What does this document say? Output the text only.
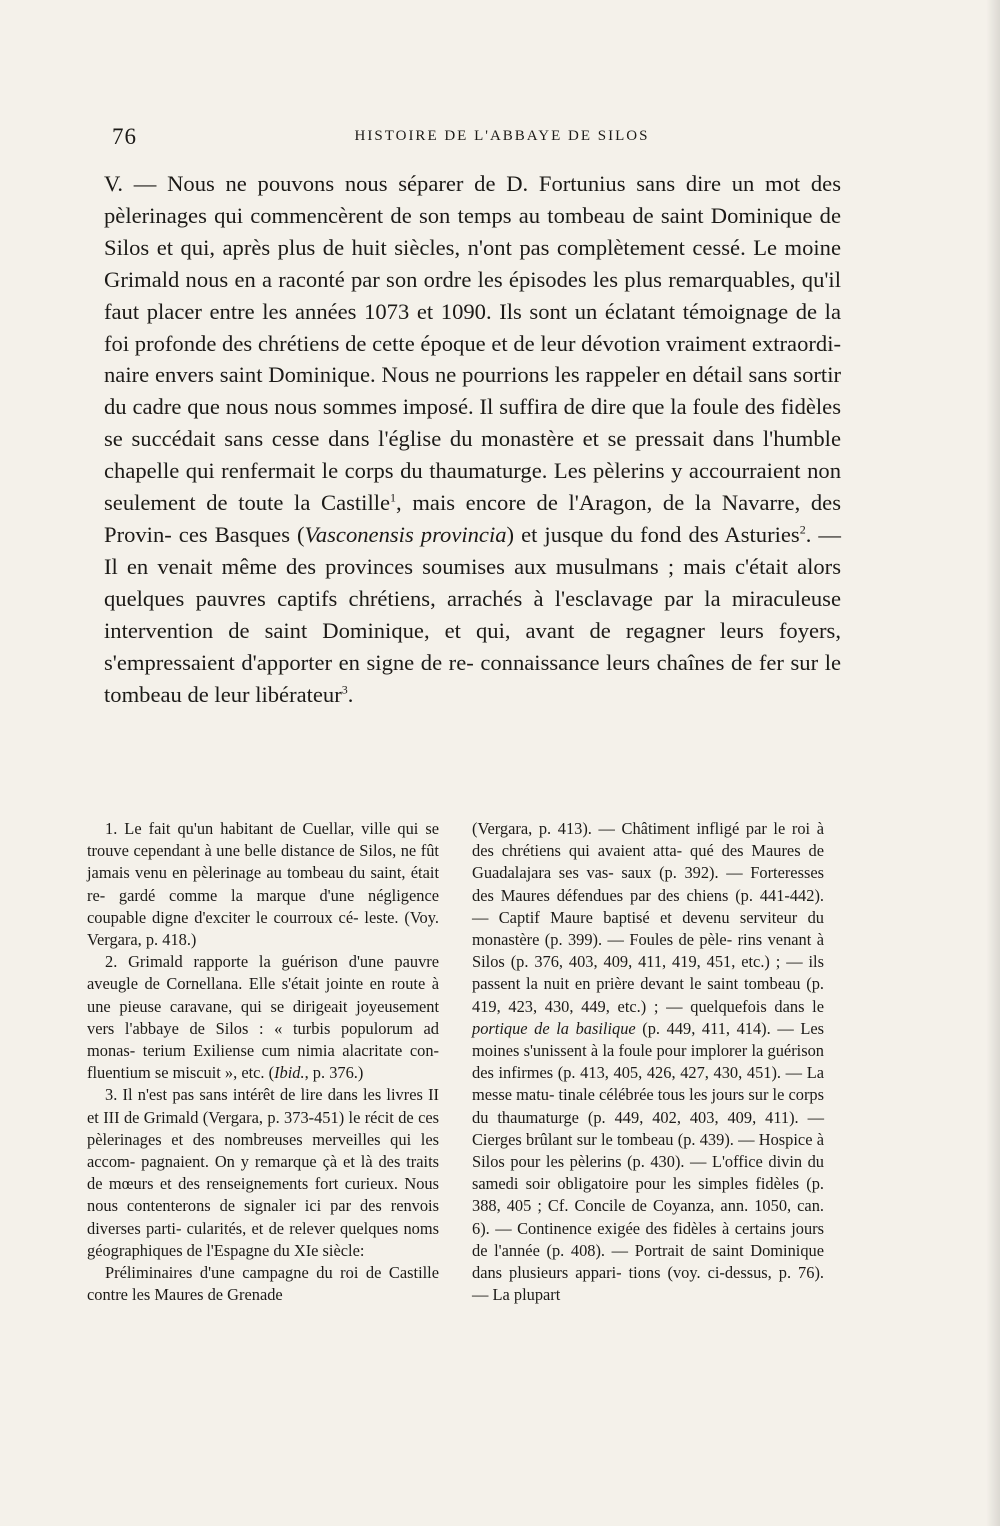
76	HISTOIRE DE L'ABBAYE DE SILOS

V. — Nous ne pouvons nous séparer de D. Fortunius sans dire un mot des pèlerinages qui commencèrent de son temps au tombeau de saint Dominique de Silos et qui, après plus de huit siècles, n'ont pas complètement cessé. Le moine Grimald nous en a raconté par son ordre les épisodes les plus remarquables, qu'il faut placer entre les années 1073 et 1090. Ils sont un éclatant témoignage de la foi profonde des chrétiens de cette époque et de leur dévotion vraiment extraordi- naire envers saint Dominique. Nous ne pourrions les rappeler en détail sans sortir du cadre que nous nous sommes imposé. Il suffira de dire que la foule des fidèles se succédait sans cesse dans l'église du monastère et se pressait dans l'humble chapelle qui renfermait le corps du thaumaturge. Les pèlerins y accourraient non seulement de toute la Castille$^1$, mais encore de l'Aragon, de la Navarre, des Provin- ces Basques (Vasconensis provincia) et jusque du fond des Asturies$^2$. — Il en venait même des provinces soumises aux musulmans ; mais c'était alors quelques pauvres captifs chrétiens, arrachés à l'esclavage par la miraculeuse intervention de saint Dominique, et qui, avant de regagner leurs foyers, s'empressaient d'apporter en signe de re- connaissance leurs chaînes de fer sur le tombeau de leur libérateur$^3$.

1. Le fait qu'un habitant de Cuellar, ville qui se trouve cependant à une belle distance de Silos, ne fût jamais venu en pèlerinage au tombeau du saint, était re- gardé comme la marque d'une négligence coupable digne d'exciter le courroux cé- leste. (Voy. Vergara, p. 418.)

2. Grimald rapporte la guérison d'une pauvre aveugle de Cornellana. Elle s'était jointe en route à une pieuse caravane, qui se dirigeait joyeusement vers l'abbaye de Silos : « turbis populorum ad monas- terium Exiliense cum nimia alacritate con- fluentium se miscuit », etc. (Ibid., p. 376.)

3. Il n'est pas sans intérêt de lire dans les livres II et III de Grimald (Vergara, p. 373-451) le récit de ces pèlerinages et des nombreuses merveilles qui les accom- pagnaient. On y remarque çà et là des traits de mœurs et des renseignements fort curieux. Nous nous contenterons de signaler ici par des renvois diverses parti- cularités, et de relever quelques noms géographiques de l'Espagne du XIe siècle:

Préliminaires d'une campagne du roi de Castille contre les Maures de Grenade

(Vergara, p. 413). — Châtiment infligé par le roi à des chrétiens qui avaient atta- qué des Maures de Guadalajara ses vas- saux (p. 392). — Forteresses des Maures défendues par des chiens (p. 441-442). — Captif Maure baptisé et devenu serviteur du monastère (p. 399). — Foules de pèle- rins venant à Silos (p. 376, 403, 409, 411, 419, 451, etc.) ; — ils passent la nuit en prière devant le saint tombeau (p. 419, 423, 430, 449, etc.) ; — quelquefois dans le portique de la basilique (p. 449, 411, 414). — Les moines s'unissent à la foule pour implorer la guérison des infirmes (p. 413, 405, 426, 427, 430, 451). — La messe matu- tinale célébrée tous les jours sur le corps du thaumaturge (p. 449, 402, 403, 409, 411). — Cierges brûlant sur le tombeau (p. 439). — Hospice à Silos pour les pèlerins (p. 430). — L'office divin du samedi soir obligatoire pour les simples fidèles (p. 388, 405 ; Cf. Concile de Coyanza, ann. 1050, can. 6). — Continence exigée des fidèles à certains jours de l'année (p. 408). — Portrait de saint Dominique dans plusieurs appari- tions (voy. ci-dessus, p. 76). — La plupart
